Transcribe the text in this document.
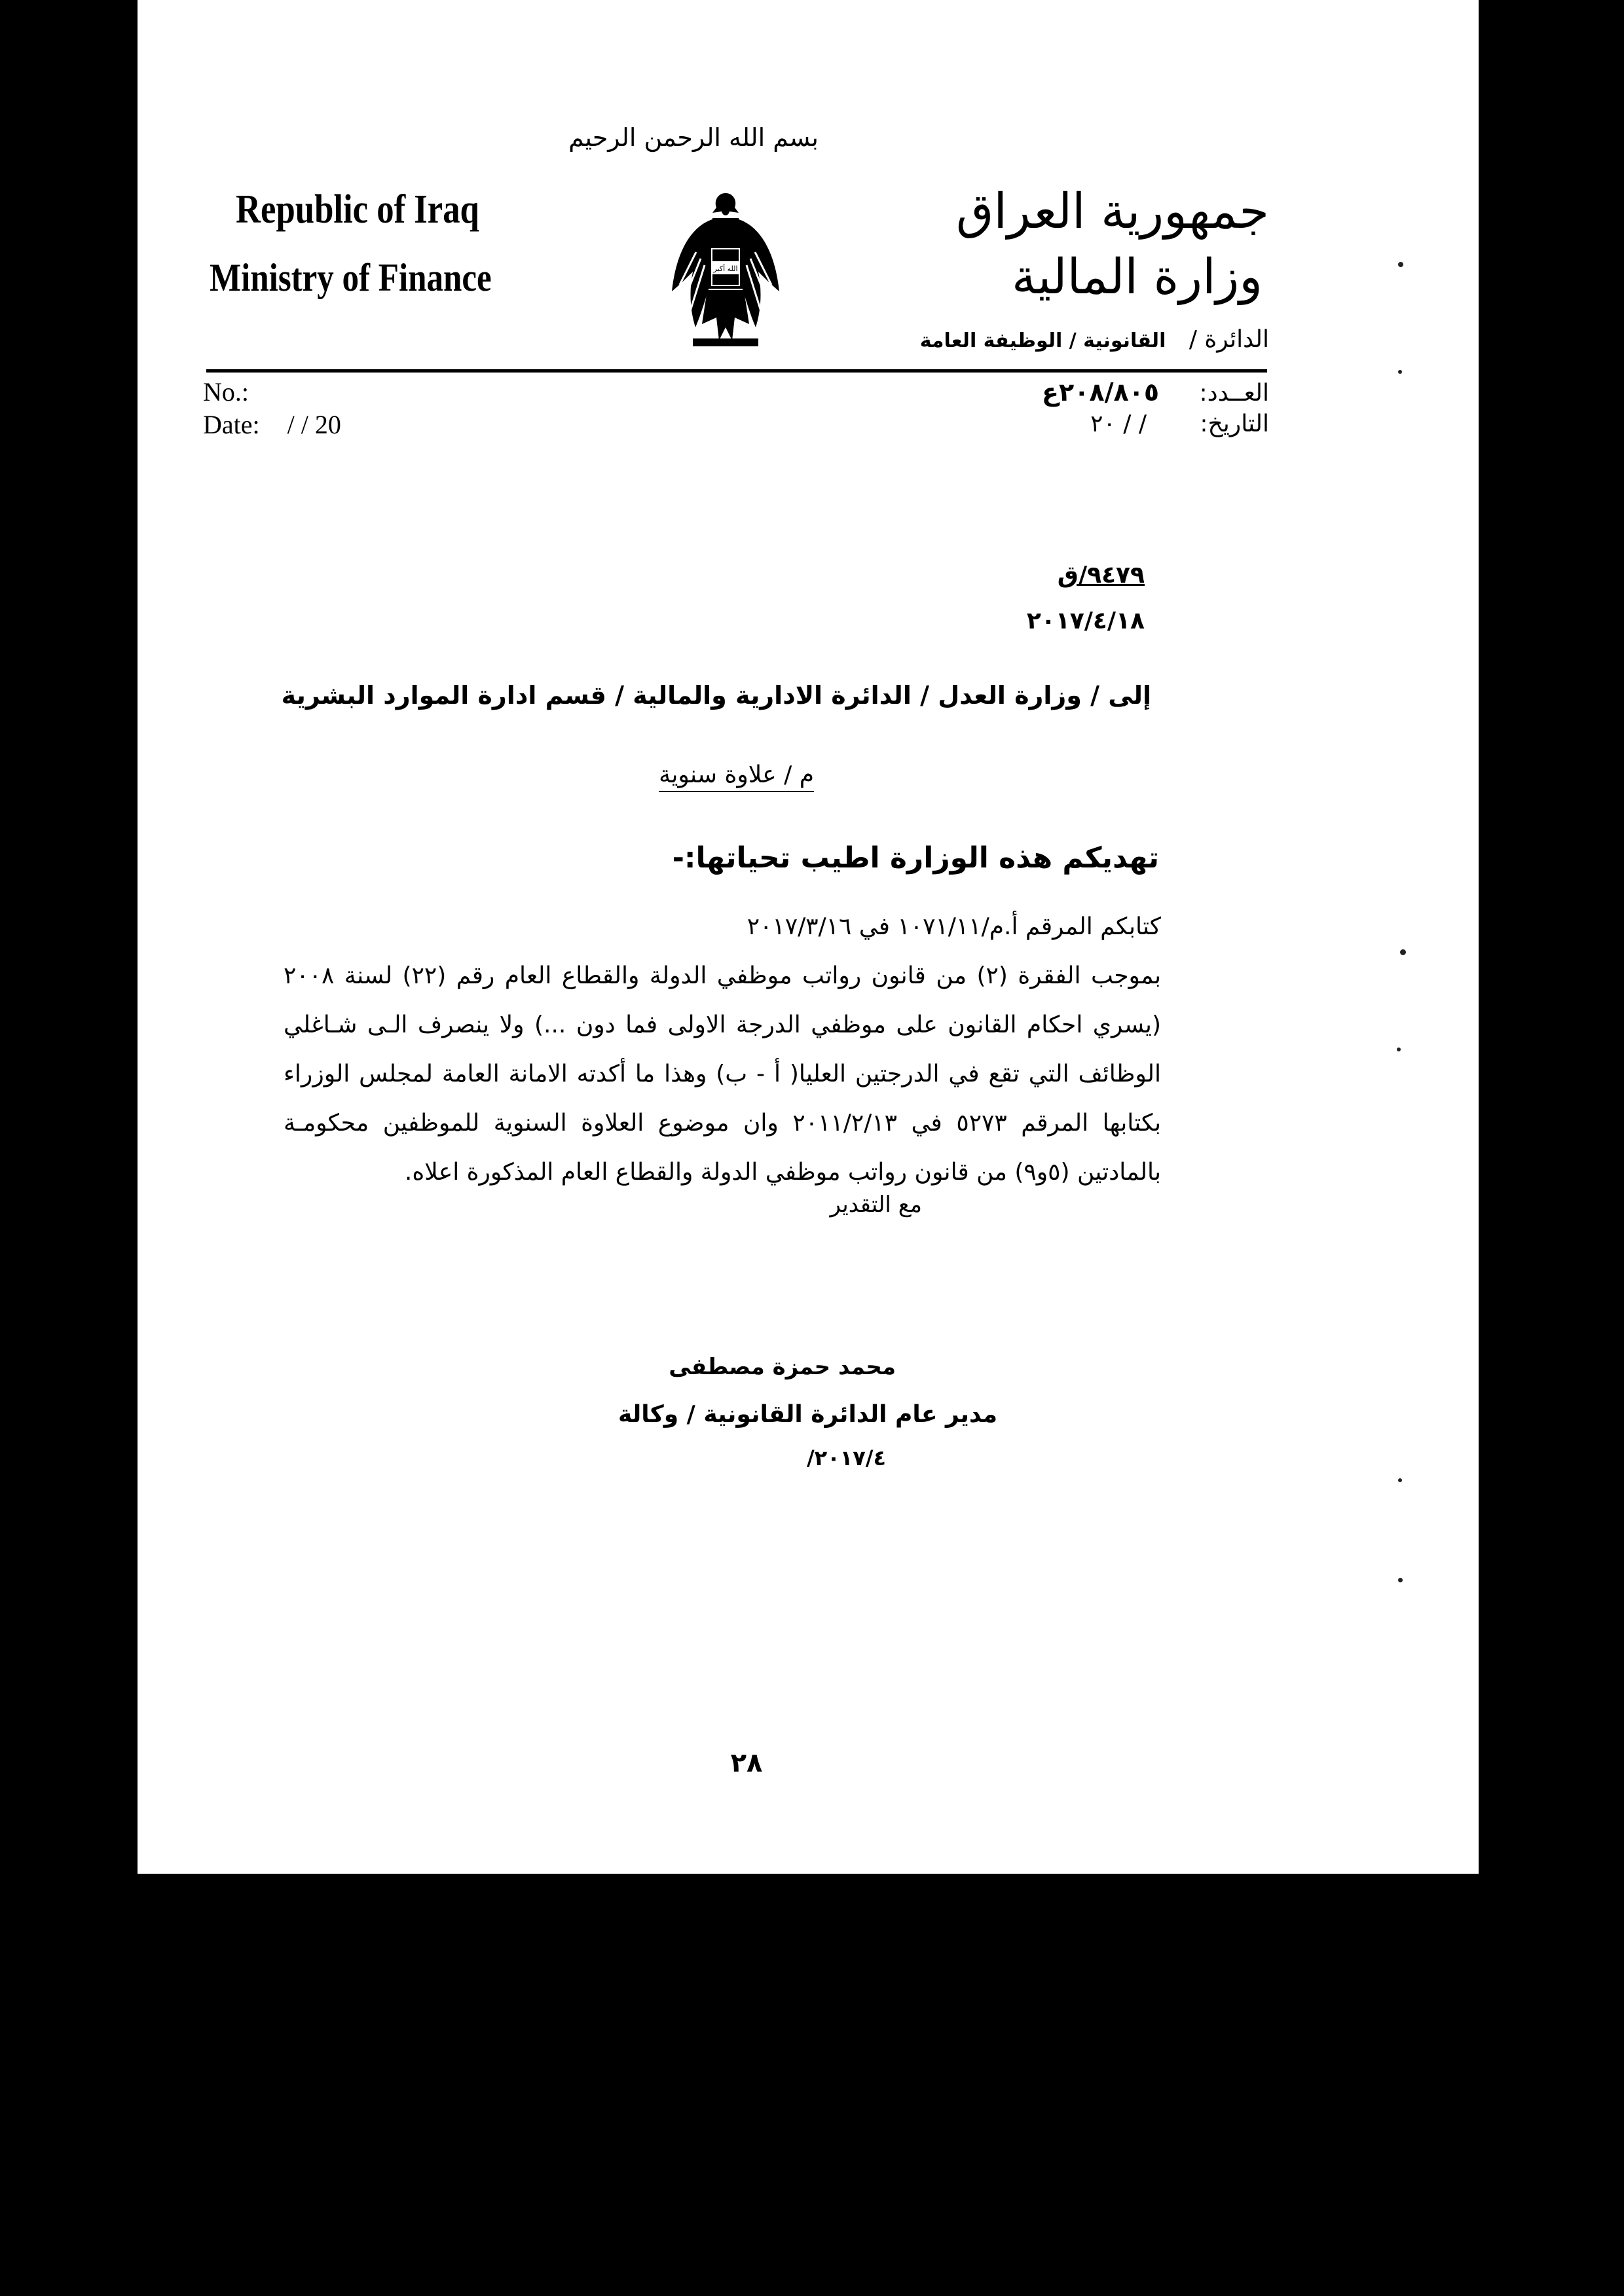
Republic of Iraq
Ministry of Finance
بسم الله الرحمن الرحيم
الله أكبر
جمهورية العراق
وزارة المالية
الدائرة / القانونية / الوظيفة العامة
No.:
Date: / / 20
العــدد: ٢٠٨/٨٠٥ع
التاريخ: / / ٢٠
٩٤٧٩/ق
٢٠١٧/٤/١٨
إلى / وزارة العدل / الدائرة الادارية والمالية / قسم ادارة الموارد البشرية
م / علاوة سنوية
تهديكم هذه الوزارة اطيب تحياتها:-
كتابكم المرقم أ.م/١٠٧١/١١ في ٢٠١٧/٣/١٦
بموجب الفقرة (٢) من قانون رواتب موظفي الدولة والقطاع العام رقم (٢٢) لسنة ٢٠٠٨
(يسري احكام القانون على موظفي الدرجة الاولى فما دون ...) ولا ينصرف الـى شـاغلي
الوظائف التي تقع في الدرجتين العليا( أ - ب) وهذا ما أكدته الامانة العامة لمجلس الوزراء
بكتابها المرقم ٥٢٧٣ في ٢٠١١/٢/١٣ وان موضوع العلاوة السنوية للموظفين محكومـة
بالمادتين (٥و٩) من قانون رواتب موظفي الدولة والقطاع العام المذكورة اعلاه.
مع التقدير
محمد حمزة مصطفى
مدير عام الدائرة القانونية / وكالة
٢٠١٧/٤/
٢٨
